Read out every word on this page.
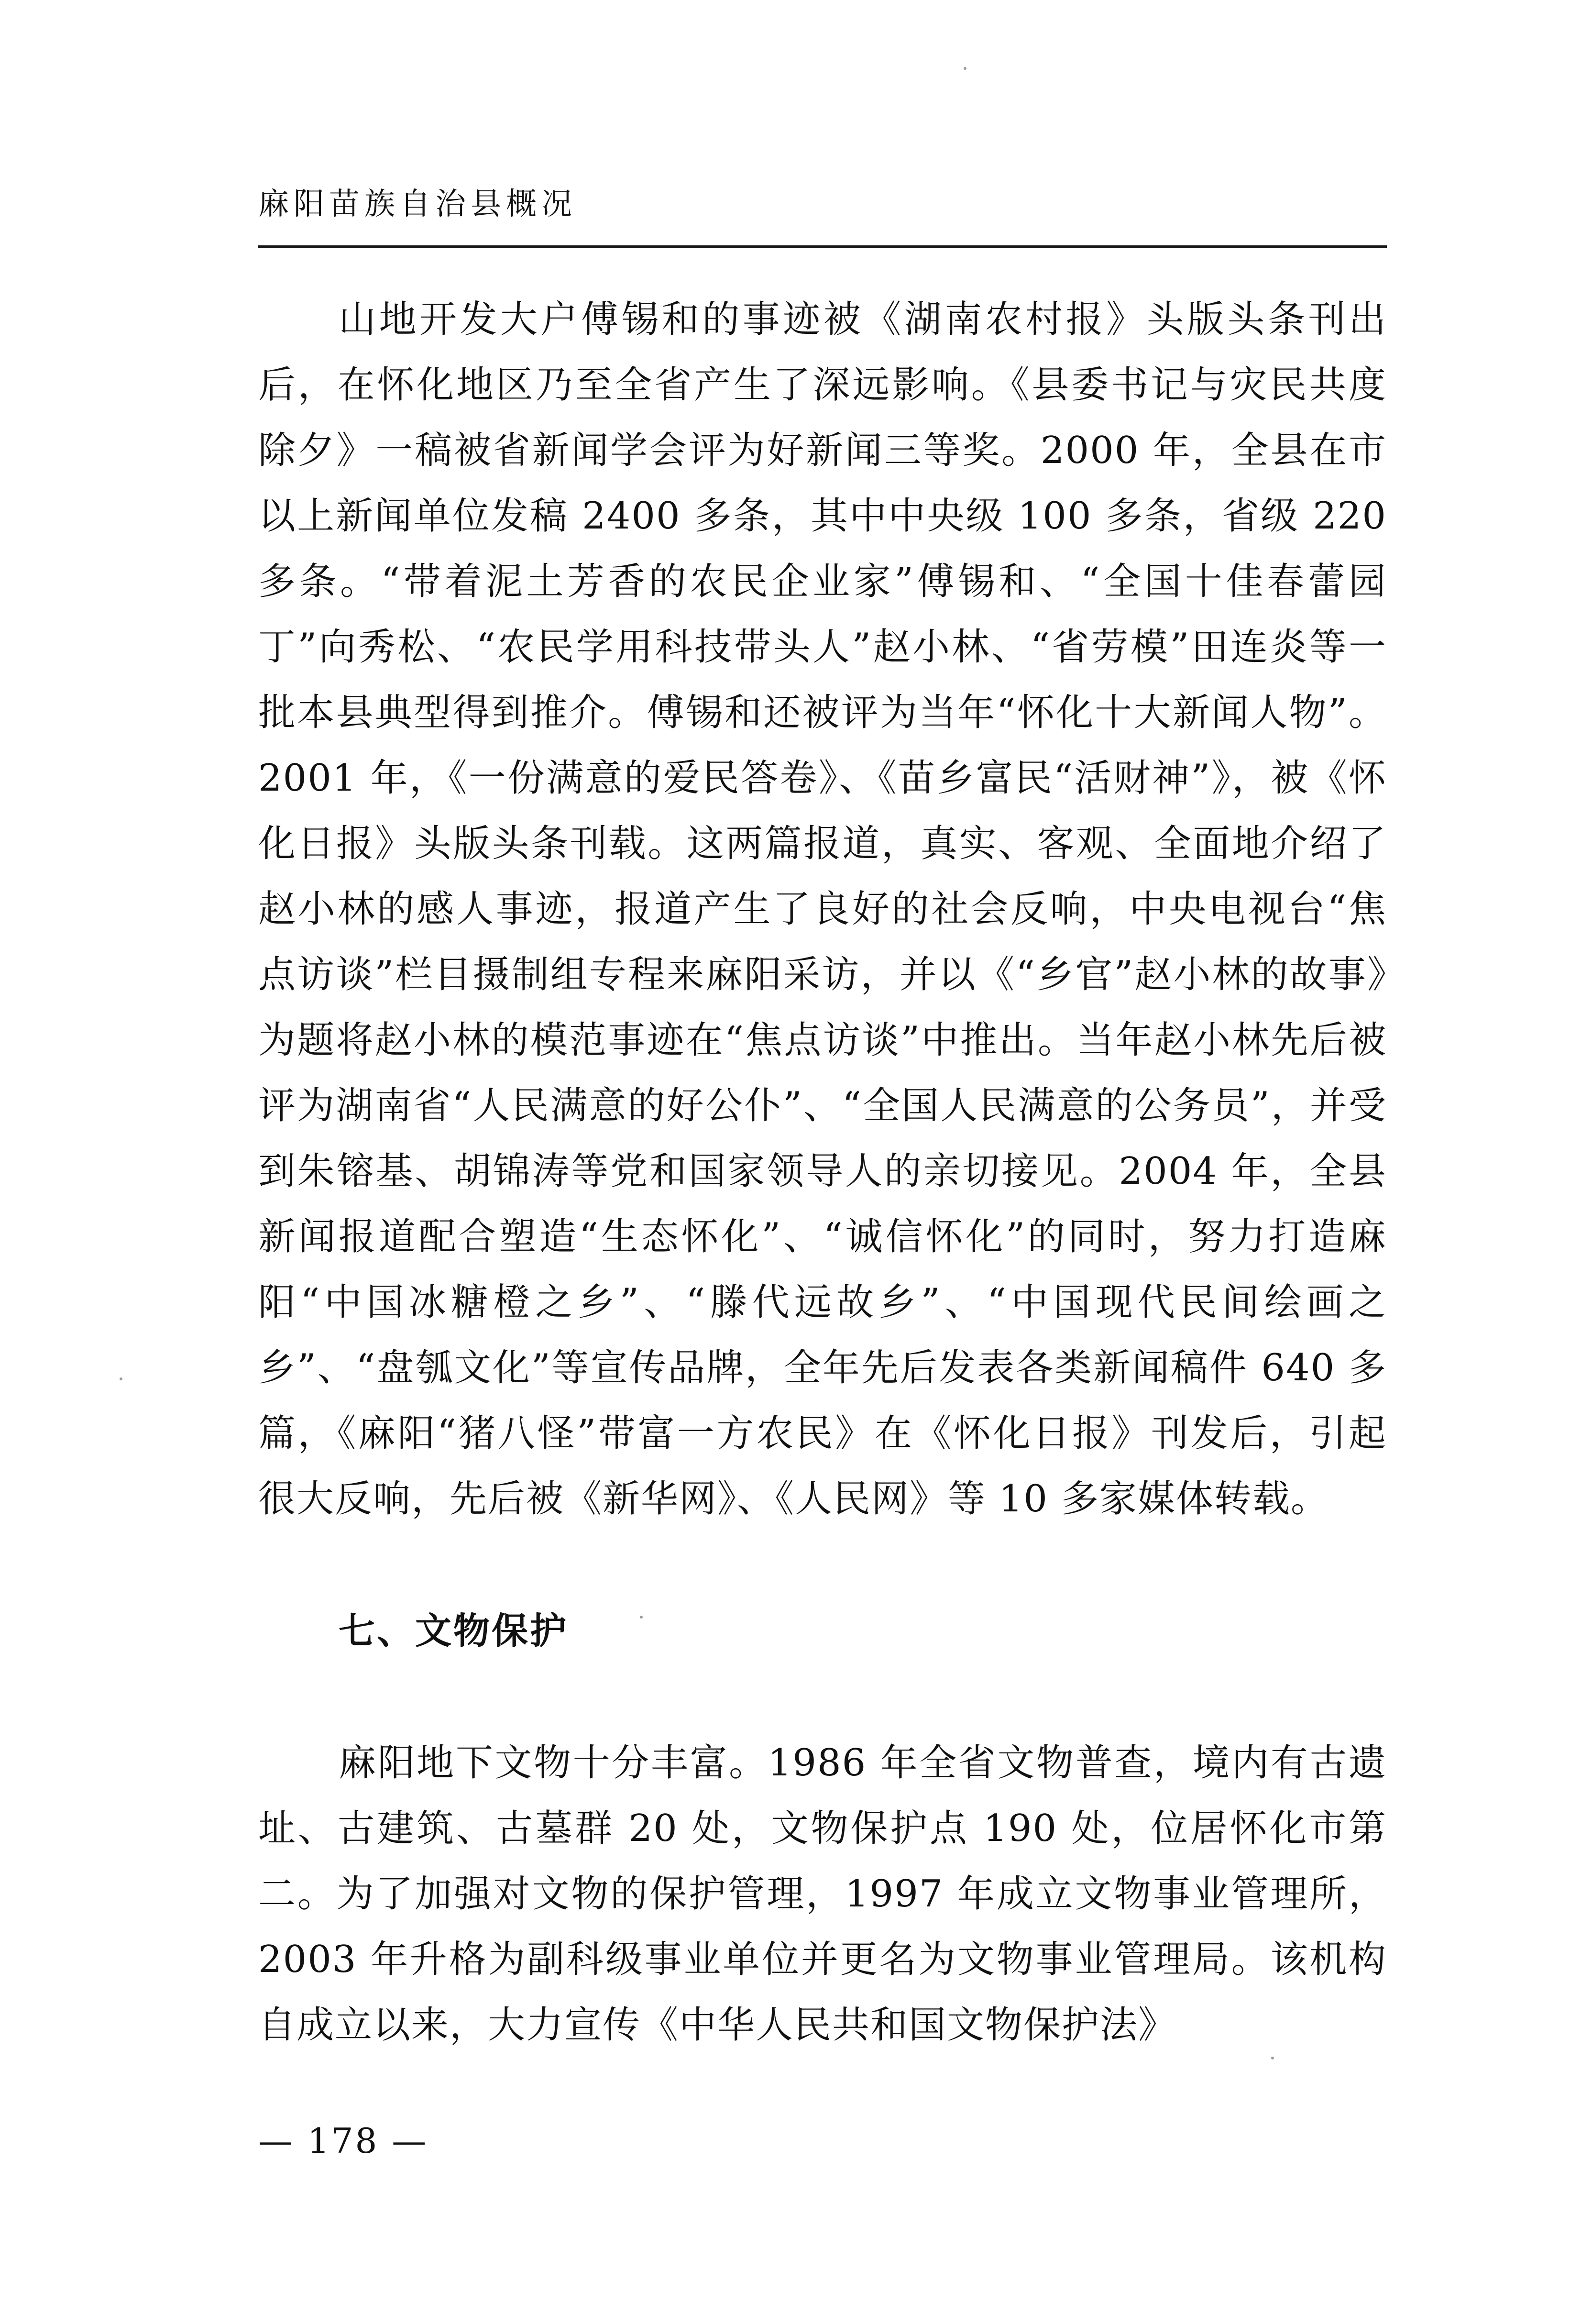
麻阳苗族自治县概况

山地开发大户傅锡和的事迹被《湖南农村报》头版头条刊出后，在怀化地区乃至全省产生了深远影响。《县委书记与灾民共度除夕》一稿被省新闻学会评为好新闻三等奖。2000 年，全县在市以上新闻单位发稿 2400 多条，其中中央级 100 多条，省级 220 多条。“带着泥土芳香的农民企业家”傅锡和、“全国十佳春蕾园丁”向秀松、“农民学用科技带头人”赵小林、“省劳模”田连炎等一批本县典型得到推介。傅锡和还被评为当年“怀化十大新闻人物”。2001 年，《一份满意的爱民答卷》、《苗乡富民“活财神”》，被《怀化日报》头版头条刊载。这两篇报道，真实、客观、全面地介绍了赵小林的感人事迹，报道产生了良好的社会反响，中央电视台“焦点访谈”栏目摄制组专程来麻阳采访，并以《“乡官”赵小林的故事》为题将赵小林的模范事迹在“焦点访谈”中推出。当年赵小林先后被评为湖南省“人民满意的好公仆”、“全国人民满意的公务员”，并受到朱镕基、胡锦涛等党和国家领导人的亲切接见。2004 年，全县新闻报道配合塑造“生态怀化”、“诚信怀化”的同时，努力打造麻阳“中国冰糖橙之乡”、“滕代远故乡”、“中国现代民间绘画之乡”、“盘瓠文化”等宣传品牌，全年先后发表各类新闻稿件 640 多篇，《麻阳“猪八怪”带富一方农民》在《怀化日报》刊发后，引起很大反响，先后被《新华网》、《人民网》等 10 多家媒体转载。

七、文物保护

麻阳地下文物十分丰富。1986 年全省文物普查，境内有古遗址、古建筑、古墓群 20 处，文物保护点 190 处，位居怀化市第二。为了加强对文物的保护管理，1997 年成立文物事业管理所，2003 年升格为副科级事业单位并更名为文物事业管理局。该机构自成立以来，大力宣传《中华人民共和国文物保护法》

— 178 —
